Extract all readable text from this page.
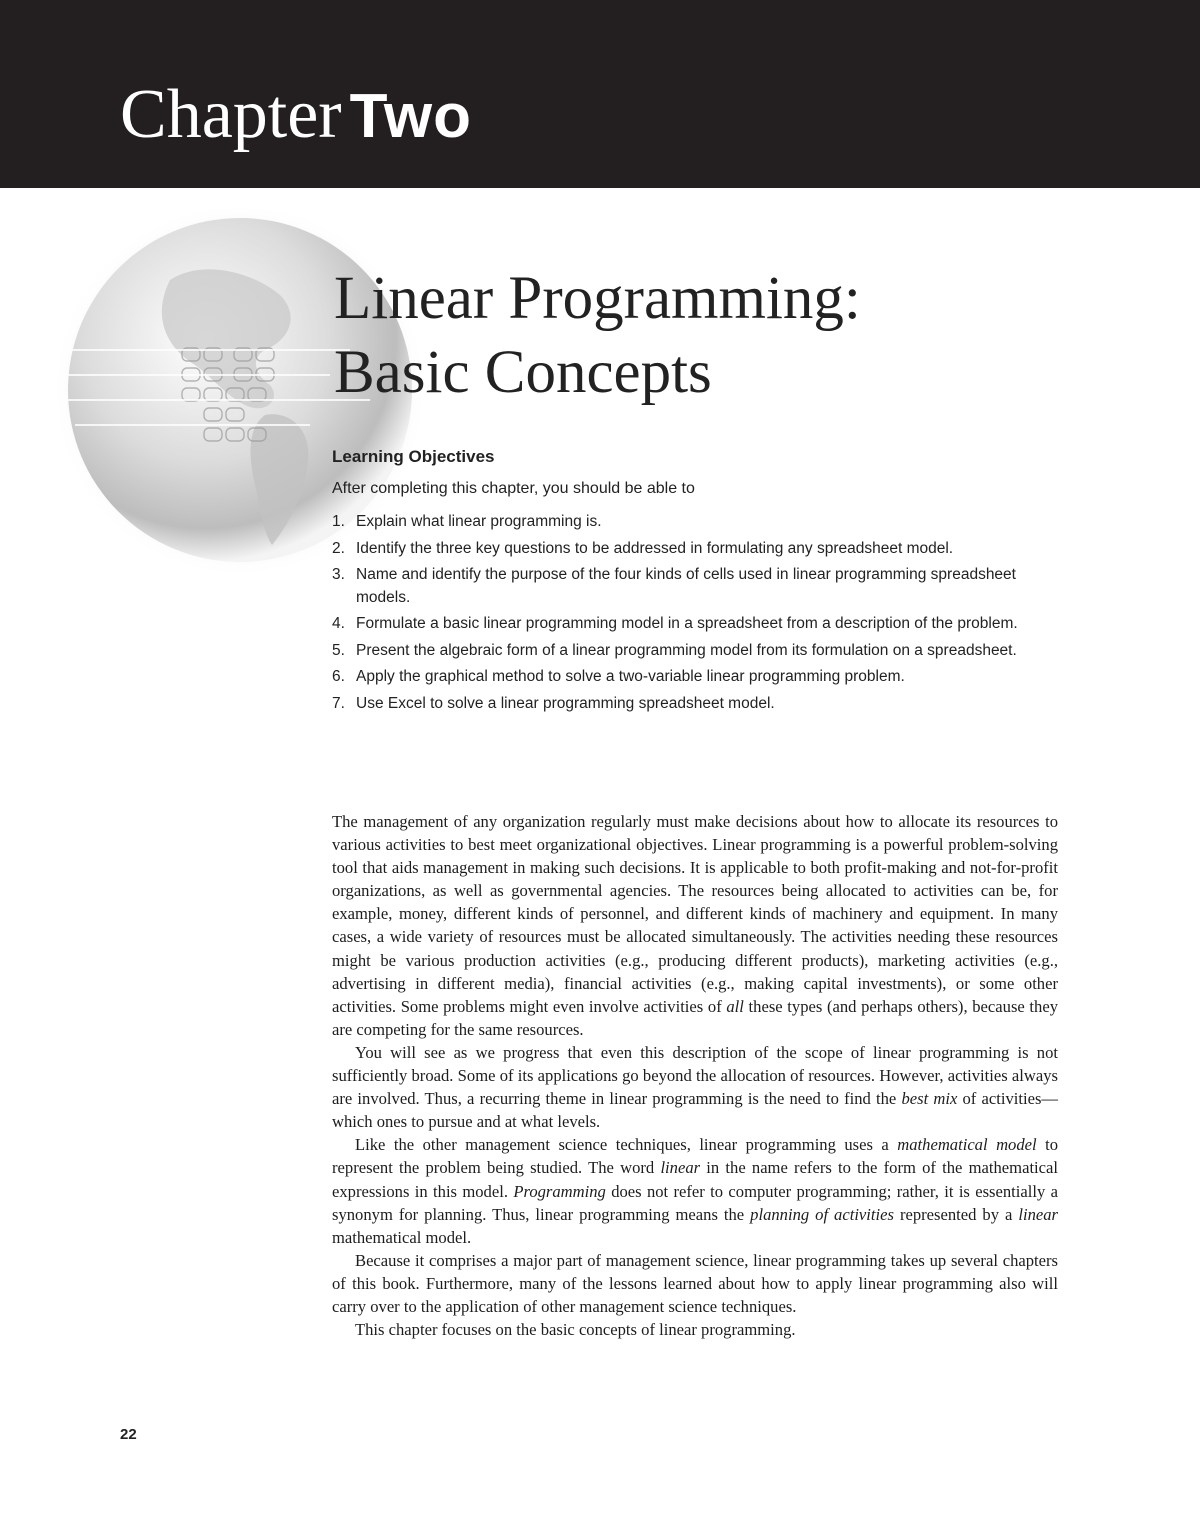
Chapter Two
Linear Programming:
Basic Concepts
Learning Objectives

After completing this chapter, you should be able to

1. Explain what linear programming is.
2. Identify the three key questions to be addressed in formulating any spreadsheet model.
3. Name and identify the purpose of the four kinds of cells used in linear programming spreadsheet models.
4. Formulate a basic linear programming model in a spreadsheet from a description of the problem.
5. Present the algebraic form of a linear programming model from its formulation on a spreadsheet.
6. Apply the graphical method to solve a two-variable linear programming problem.
7. Use Excel to solve a linear programming spreadsheet model.

The management of any organization regularly must make decisions about how to allocate its resources to various activities to best meet organizational objectives. Linear programming is a powerful problem-solving tool that aids management in making such decisions. It is applicable to both profit-making and not-for-profit organizations, as well as governmental agencies. The resources being allocated to activities can be, for example, money, different kinds of personnel, and different kinds of machinery and equipment. In many cases, a wide variety of resources must be allocated simultaneously. The activities needing these resources might be various production activities (e.g., producing different products), marketing activities (e.g., advertising in different media), financial activities (e.g., making capital investments), or some other activities. Some problems might even involve activities of all these types (and perhaps others), because they are competing for the same resources.

You will see as we progress that even this description of the scope of linear programming is not sufficiently broad. Some of its applications go beyond the allocation of resources. However, activities always are involved. Thus, a recurring theme in linear programming is the need to find the best mix of activities—which ones to pursue and at what levels.

Like the other management science techniques, linear programming uses a mathematical model to represent the problem being studied. The word linear in the name refers to the form of the mathematical expressions in this model. Programming does not refer to computer programming; rather, it is essentially a synonym for planning. Thus, linear programming means the planning of activities represented by a linear mathematical model.

Because it comprises a major part of management science, linear programming takes up several chapters of this book. Furthermore, many of the lessons learned about how to apply linear programming also will carry over to the application of other management science techniques.

This chapter focuses on the basic concepts of linear programming.

22
